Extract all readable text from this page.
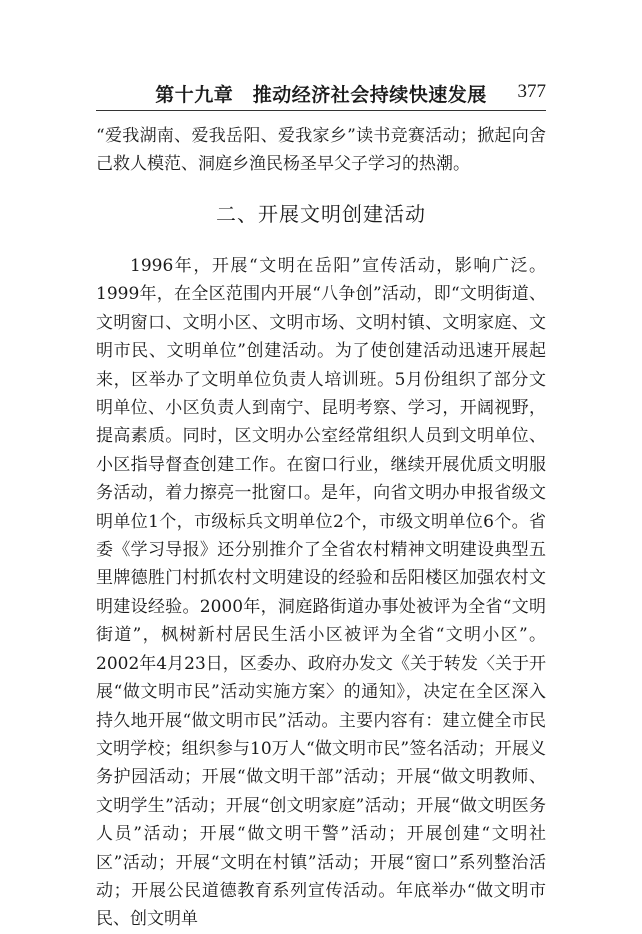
第十九章　推动经济社会持续快速发展	377

“爱我湖南、爱我岳阳、爱我家乡”读书竞赛活动；掀起向舍己救人模范、洞庭乡渔民杨圣早父子学习的热潮。

二、开展文明创建活动

1996年，开展“文明在岳阳”宣传活动，影响广泛。1999年，在全区范围内开展“八争创”活动，即“文明街道、文明窗口、文明小区、文明市场、文明村镇、文明家庭、文明市民、文明单位”创建活动。为了使创建活动迅速开展起来，区举办了文明单位负责人培训班。5月份组织了部分文明单位、小区负责人到南宁、昆明考察、学习，开阔视野，提高素质。同时，区文明办公室经常组织人员到文明单位、小区指导督查创建工作。在窗口行业，继续开展优质文明服务活动，着力擦亮一批窗口。是年，向省文明办申报省级文明单位1个，市级标兵文明单位2个，市级文明单位6个。省委《学习导报》还分别推介了全省农村精神文明建设典型五里牌德胜门村抓农村文明建设的经验和岳阳楼区加强农村文明建设经验。2000年，洞庭路街道办事处被评为全省“文明街道”，枫树新村居民生活小区被评为全省“文明小区”。2002年4月23日，区委办、政府办发文《关于转发〈关于开展“做文明市民”活动实施方案〉的通知》，决定在全区深入持久地开展“做文明市民”活动。主要内容有：建立健全市民文明学校；组织参与10万人“做文明市民”签名活动；开展义务护园活动；开展“做文明干部”活动；开展“做文明教师、文明学生”活动；开展“创文明家庭”活动；开展“做文明医务人员”活动；开展“做文明干警”活动；开展创建“文明社区”活动；开展“文明在村镇”活动；开展“窗口”系列整治活动；开展公民道德教育系列宣传活动。年底举办“做文明市民、创文明单
